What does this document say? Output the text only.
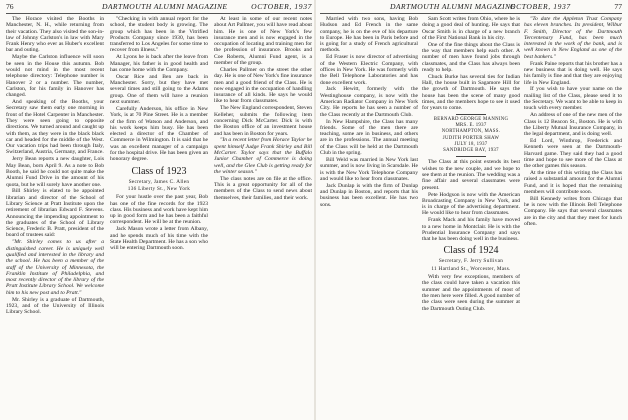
76	DARTMOUTH ALUMNI MAGAZINE	OCTOBER, 1937	DARTMOUTH ALUMNI MAGAZINE
OCTOBER, 1937	77

The Horace visited the Booths in Manchester, N. H., while returning from their vacation. They also visited the son-in-law of Johnny Carlston's in law with Mary Frank Henry who ever as Huber's excellent bar and outing.

Maybe the Carlston influence will soon be seen in the House this autumn. Bob would not mind in the most recent telephone directory: Telephone number is Hanover 2 or a number. The number, Carlston, for his family in Hanover has changed.

And speaking of the Booths, your Secretary saw them early one morning in front of the Hotel Carpenter in Manchester. They were seen going to opposite directions. We turned around and caught up with them, as they were in the black black car and headed for the middle of the West. Our vacation trips had been through Italy, Switzerland, Austria, Germany, and France.

Jerry Bean reports a new daughter, Lois May Bean, born April 9. As a note to Bob Booth, he said he could not quite make the Alumni Fund Drive in the amount of his quota, but he will surely have another one.

Bill Shirley is elated to be appointed librarian and director of the School of Library Science at Pratt Institute upon the retirement of librarian Edward F. Stevens. Announcing the impending appointment to the graduates of the School of Library Science, Frederic B. Pratt, president of the board of trustees said:

"Mr. Shirley comes to us after a distinguished career. He is uniquely well qualified and interested in the library and the school. He has been a member of the staff of the University of Minnesota, the Franklin Institute of Philadelphia, and most recently director of the library of the Pratt Institute Library School. We welcome him to his new post and to Pratt."

Mr. Shirley is a graduate of Dartmouth, 1923, and of the University of Illinois Library School.

"Checking in with annual report for the school, the student body is growing. The group which has been in the Vitrified Products Company since 1930, has been transferred to Los Angeles for some time to recover from illness."

At Lyons he is back after the leave from Manager, his father is in good health and has come home with the Company.

Oscar Rice and Ben are back in Manchester. Sorry, but they have met several times and still going to the Adams group. One of them will have a reunion next summer.

Carefully Anderson, his office in New York, is at 70 Pine Street. He is a member of the firm of Watson and Anderson, and his work keeps him busy. He has been elected a director of the Chamber of Commerce in Wilmington. It is said that he was an excellent manager of a campaign for the hospital drive. He has been given an honorary degree.

Class of 1923

Secretary, James C. Allen

136 Liberty St., New York

For your hustle over the past year, Bob has one of the fine records for the 1923 class. His business and work have kept him up in good form and he has been a faithful correspondent. He will be at the reunion.

Jack Mason wrote a letter from Albany, and he spends much of his time with the State Health Department. He has a son who will be entering Dartmouth soon.

At least in some of our recent notes about Art Pallmer, you will have read about him. He is one of New York's few insurance men and is now engaged in the occupation of locating and training men for the profession of insurance. Brooks and Coe Roberts, Alumni Fund agent, is a member of the group.

Charles Pallmer on the street the other day. He is one of New York's fine insurance men and a good friend of the Class. He is now engaged in the occupation of handling insurance of all kinds. He says he would like to hear from classmates.

The New England correspondent, Steven Kelleher, submits the following item concerning Dick McCarter. Dick is with the Boston office of an investment house and has been in Boston for years.

"In a recent letter from Horace Taylor he spent himself Judge Frank Shirley and Bill McCarter. Taylor says that the Buffalo Junior Chamber of Commerce is doing well, and the Glee Club is getting ready for the winter season."

The class notes are on file at the office. This is a great opportunity for all of the members of the Class to send news about themselves, their families, and their work.

Married with two sons, having Bob Hudson and Ed French in the same company, he is on the eve of his departure to Europe. He has been in Paris before and is going for a study of French agricultural methods.

Ed Fraser is now director of advertising of the Western Electric Company, with offices in New York. He was formerly with the Bell Telephone Laboratories and has done excellent work.

Jack Hewitt, formerly with the Westinghouse company, is now with the American Radiator Company in New York City. He reports he has seen a number of the Class recently at the Dartmouth Club.

In New Hampshire, the Class has many friends. Some of the men there are teaching, some are in business, and others are in the professions. The annual meeting of the Class will be held at the Dartmouth Club in the spring.

Bill Weld was married in New York last summer, and is now living in Scarsdale. He is with the New York Telephone Company and would like to hear from classmates.

Jack Dunlap is with the firm of Dunlap and Dunlap in Boston, and reports that his business has been excellent. He has two sons.

Sam Scott writes from Ohio, where he is doing a good deal of hunting. He says that Oscar Smith is in charge of a new branch of the First National Bank in his city.

One of the fine things about the Class is the way that members help each other. A number of men have found jobs through classmates, and the Class has always been ready to help.

Chuck Burke has several ties for Indian Hall, the house built in Sagamore Hill for the growth of Dartmouth. He says the house has been the scene of many good times, and the members hope to see it used for years to come.

BERNARD GEORGE MANNING

MRS. E. 1937

NORTHAMPTON, MASS.

JUDITH PORTER SHAW

JULY 18, 1937

SANDRIDGE BAY, 1937

The Class at this point extends its best wishes to the new couple, and we hope to see them at the reunion. The wedding was a fine affair and several classmates were present.

Pete Hodgson is now with the American Broadcasting Company in New York, and is in charge of the advertising department. He would like to hear from classmates.

Frank Mack and his family have moved to a new home in Montclair. He is with the Prudential Insurance Company and says that he has been doing well in the business.

Class of 1924

Secretary, F. Jerry Sullivan

11 Hartland St., Worcester, Mass.

With very few exceptions, members of the class could have taken a vacation this summer and the appointments of most of the men here were filled. A good number of the class were seen during the summer at the Dartmouth Outing Club.

"To date the Appleton Trust Company has eleven branches. Its president, Wilbur F. Smith, Director of the Dartmouth Tercentenary Fund, has been much interested in the work of the bank, and is well known in New England as one of the best bankers."

Frank Paine reports that his brother has a new business that is doing well. He says his family is fine and that they are enjoying life in New England.

If you wish to have your name on the mailing list of the Class, please send it to the Secretary. We want to be able to keep in touch with every member.

An address of one of the new men of the Class is 12 Beacon St., Boston. He is with the Liberty Mutual Insurance Company, in the legal department, and is doing well.

Ed Lord, Winthrop, Frederick and Kenneth were seen at the Dartmouth-Harvard game. They said they had a good time and hope to see more of the Class at the other games this season.

At the time of this writing the Class has raised a substantial amount for the Alumni Fund, and it is hoped that the remaining members will contribute soon.

Bill Kennedy writes from Chicago that he is now with the Illinois Bell Telephone Company. He says that several classmates are in the city and that they meet for lunch often.
